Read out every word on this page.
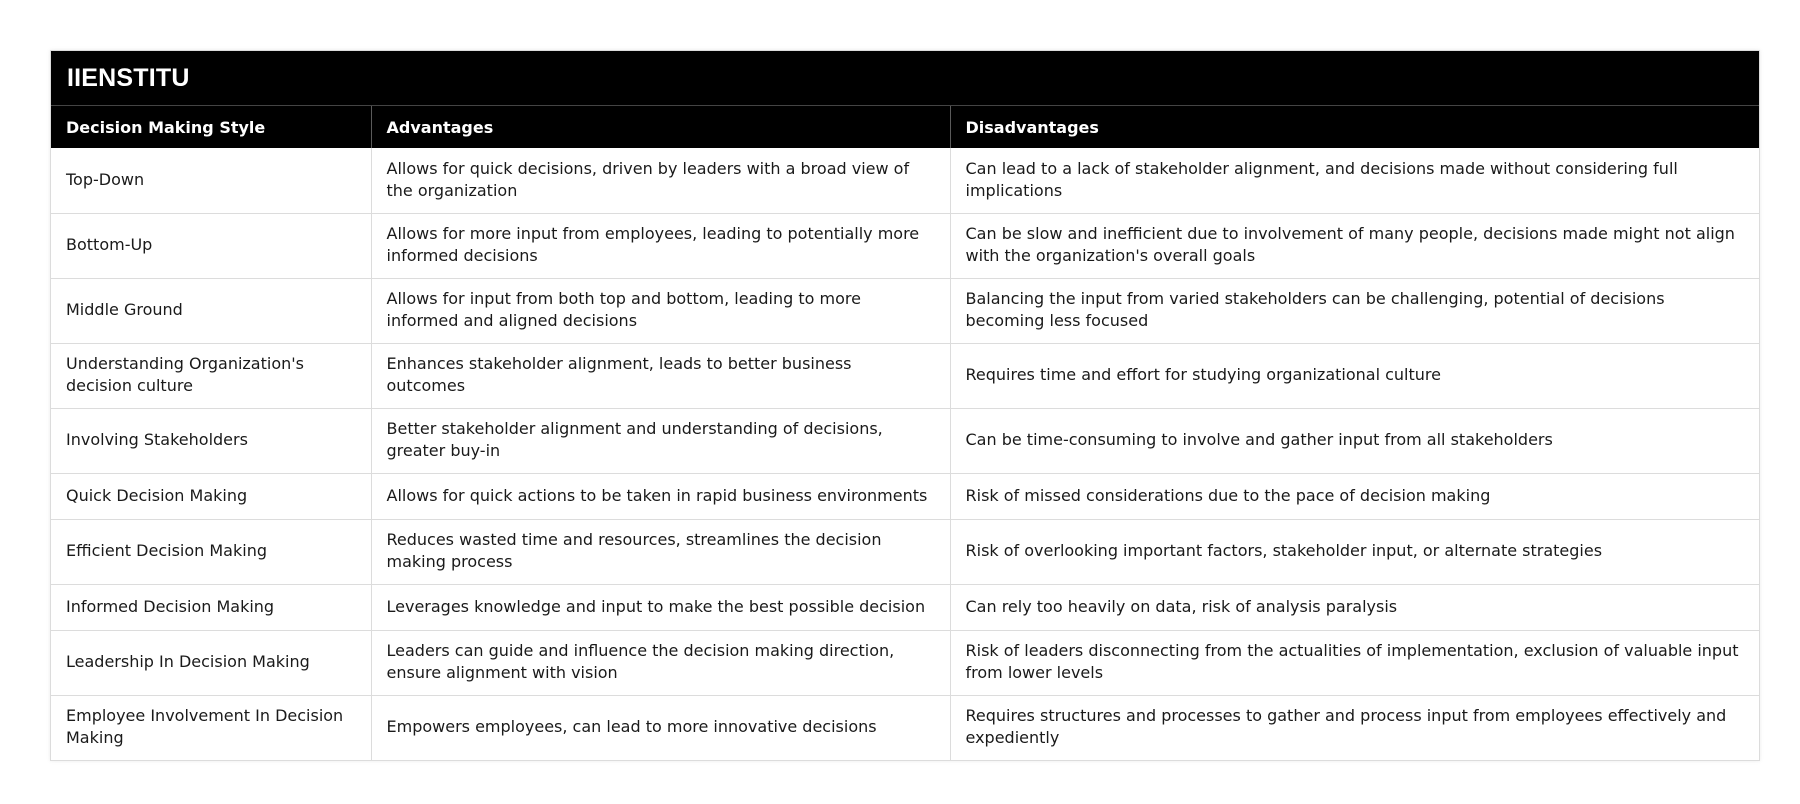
IIENSTITU
Decision Making Style	Advantages	Disadvantages
Top-Down	Allows for quick decisions, driven by leaders with a broad view of the organization	Can lead to a lack of stakeholder alignment, and decisions made without considering full implications
Bottom-Up	Allows for more input from employees, leading to potentially more informed decisions	Can be slow and inefficient due to involvement of many people, decisions made might not align with the organization's overall goals
Middle Ground	Allows for input from both top and bottom, leading to more informed and aligned decisions	Balancing the input from varied stakeholders can be challenging, potential of decisions becoming less focused
Understanding Organization's decision culture	Enhances stakeholder alignment, leads to better business outcomes	Requires time and effort for studying organizational culture
Involving Stakeholders	Better stakeholder alignment and understanding of decisions, greater buy-in	Can be time-consuming to involve and gather input from all stakeholders
Quick Decision Making	Allows for quick actions to be taken in rapid business environments	Risk of missed considerations due to the pace of decision making
Efficient Decision Making	Reduces wasted time and resources, streamlines the decision making process	Risk of overlooking important factors, stakeholder input, or alternate strategies
Informed Decision Making	Leverages knowledge and input to make the best possible decision	Can rely too heavily on data, risk of analysis paralysis
Leadership In Decision Making	Leaders can guide and influence the decision making direction, ensure alignment with vision	Risk of leaders disconnecting from the actualities of implementation, exclusion of valuable input from lower levels
Employee Involvement In Decision Making	Empowers employees, can lead to more innovative decisions	Requires structures and processes to gather and process input from employees effectively and expediently
